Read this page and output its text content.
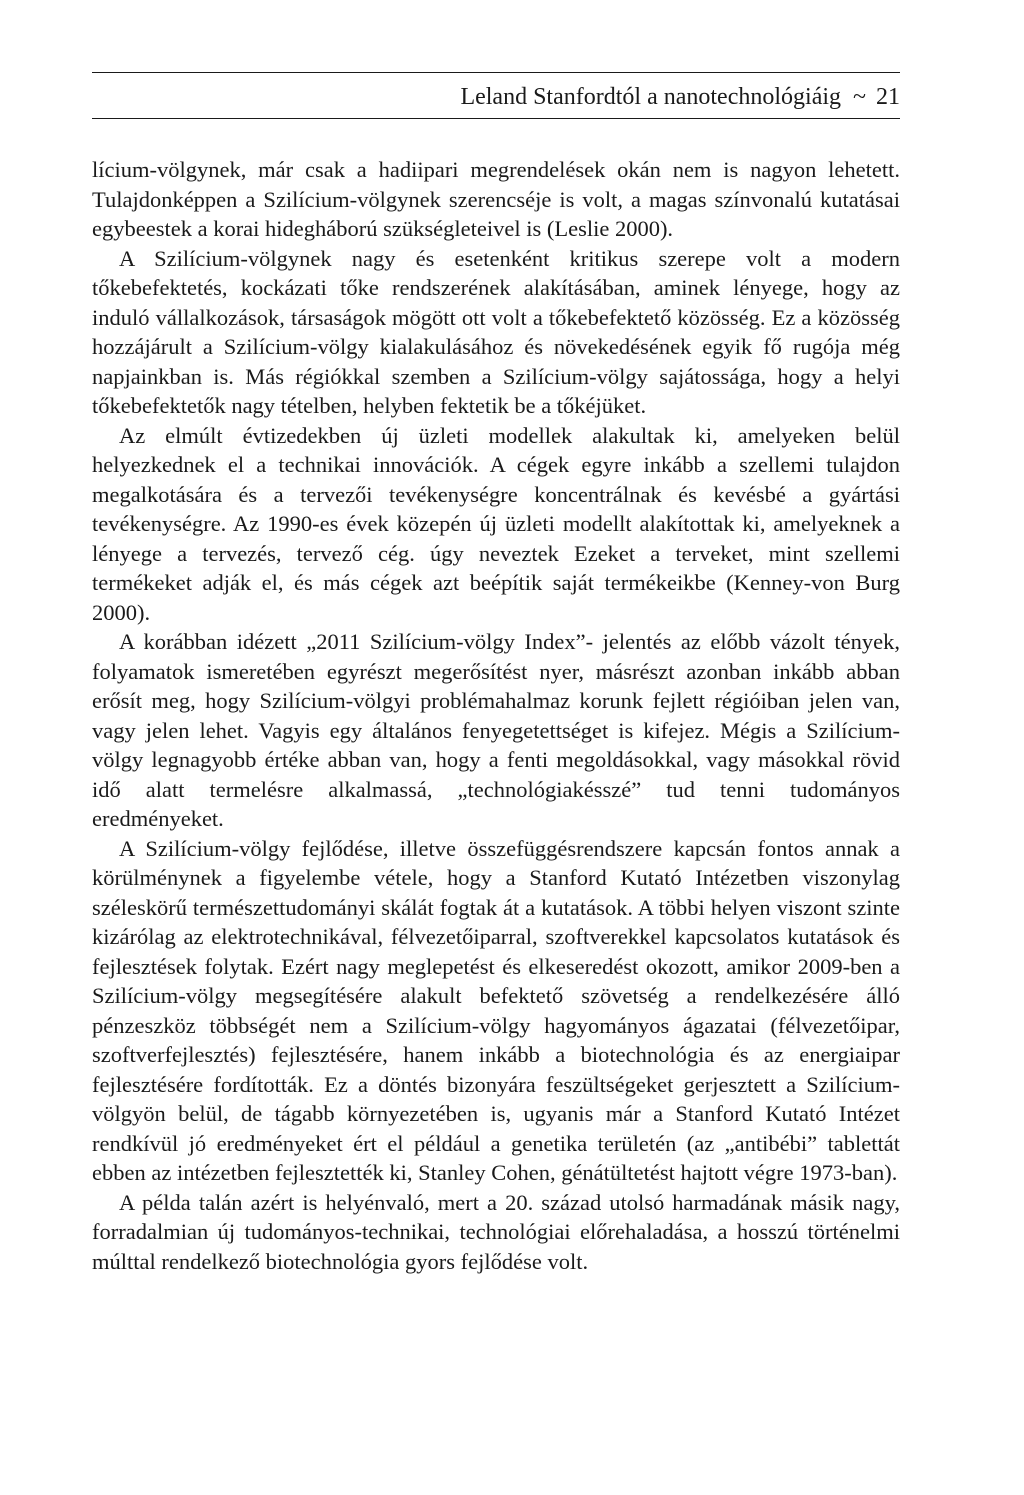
Leland Stanfordtól a nanotechnológiáig ~ 21

lícium-völgynek, már csak a hadiipari megrendelések okán nem is nagyon lehetett. Tulajdonképpen a Szilícium-völgynek szerencséje is volt, a magas színvonalú kutatásai egybeestek a korai hidegháború szükségleteivel is (Leslie 2000).

A Szilícium-völgynek nagy és esetenként kritikus szerepe volt a modern tőkebefektetés, kockázati tőke rendszerének alakításában, aminek lényege, hogy az induló vállalkozások, társaságok mögött ott volt a tőkebefektető közösség. Ez a közösség hozzájárult a Szilícium-völgy kialakulásához és növekedésének egyik fő rugója még napjainkban is. Más régiókkal szemben a Szilícium-völgy sajátossága, hogy a helyi tőkebefektetők nagy tételben, helyben fektetik be a tőkéjüket.

Az elmúlt évtizedekben új üzleti modellek alakultak ki, amelyeken belül helyezkednek el a technikai innovációk. A cégek egyre inkább a szellemi tulajdon megalkotására és a tervezői tevékenységre koncentrálnak és kevésbé a gyártási tevékenységre. Az 1990-es évek közepén új üzleti modellt alakítottak ki, amelyeknek a lényege a tervezés, tervező cég. úgy neveztek Ezeket a terveket, mint szellemi termékeket adják el, és más cégek azt beépítik saját termékeikbe (Kenney-von Burg 2000).

A korábban idézett „2011 Szilícium-völgy Index”- jelentés az előbb vázolt tények, folyamatok ismeretében egyrészt megerősítést nyer, másrészt azonban inkább abban erősít meg, hogy Szilícium-völgyi problémahalmaz korunk fejlett régióiban jelen van, vagy jelen lehet. Vagyis egy általános fenyegetettséget is kifejez. Mégis a Szilícium-völgy legnagyobb értéke abban van, hogy a fenti megoldásokkal, vagy másokkal rövid idő alatt termelésre alkalmassá, „technológiakésszé” tud tenni tudományos eredményeket.

A Szilícium-völgy fejlődése, illetve összefüggésrendszere kapcsán fontos annak a körülménynek a figyelembe vétele, hogy a Stanford Kutató Intézetben viszonylag széleskörű természettudományi skálát fogtak át a kutatások. A többi helyen viszont szinte kizárólag az elektrotechnikával, félvezetőiparral, szoftverekkel kapcsolatos kutatások és fejlesztések folytak. Ezért nagy meglepetést és elkeseredést okozott, amikor 2009-ben a Szilícium-völgy megsegítésére alakult befektető szövetség a rendelkezésére álló pénzeszköz többségét nem a Szilícium-völgy hagyományos ágazatai (félvezetőipar, szoftverfejlesztés) fejlesztésére, hanem inkább a biotechnológia és az energiaipar fejlesztésére fordították. Ez a döntés bizonyára feszültségeket gerjesztett a Szilícium-völgyön belül, de tágabb környezetében is, ugyanis már a Stanford Kutató Intézet rendkívül jó eredményeket ért el például a genetika területén (az „antibébi” tablettát ebben az intézetben fejlesztették ki, Stanley Cohen, génátültetést hajtott végre 1973-ban).

A példa talán azért is helyénvaló, mert a 20. század utolsó harmadának másik nagy, forradalmian új tudományos-technikai, technológiai előrehaladása, a hosszú történelmi múlttal rendelkező biotechnológia gyors fejlődése volt.
